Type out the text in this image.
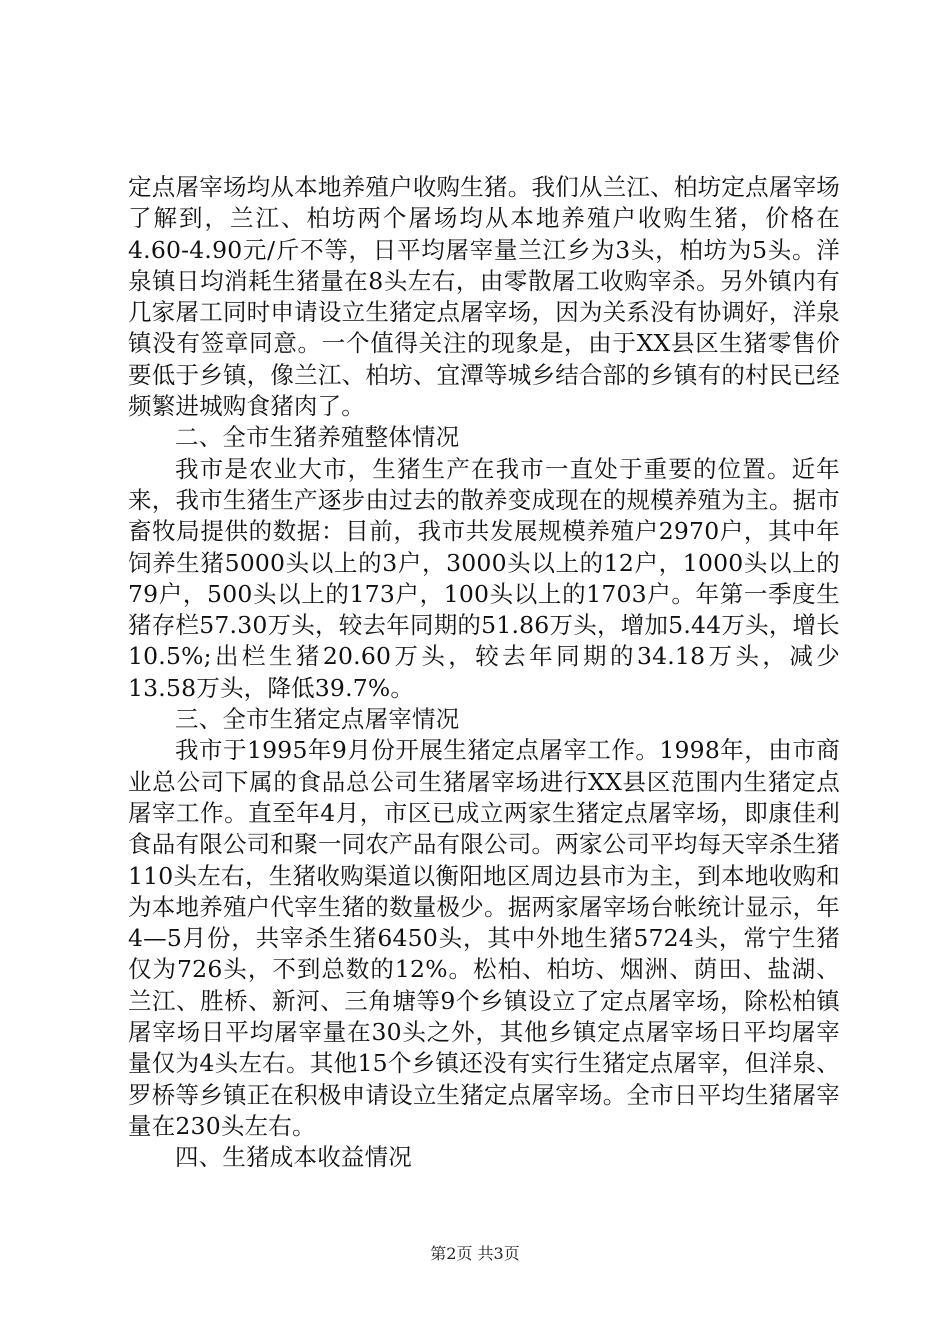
定点屠宰场均从本地养殖户收购生猪。我们从兰江、柏坊定点屠宰场了解到，兰江、柏坊两个屠场均从本地养殖户收购生猪，价格在4.60-4.90元/斤不等，日平均屠宰量兰江乡为3头，柏坊为5头。洋泉镇日均消耗生猪量在8头左右，由零散屠工收购宰杀。另外镇内有几家屠工同时申请设立生猪定点屠宰场，因为关系没有协调好，洋泉镇没有签章同意。一个值得关注的现象是，由于XX县区生猪零售价要低于乡镇，像兰江、柏坊、宜潭等城乡结合部的乡镇有的村民已经频繁进城购食猪肉了。

二、全市生猪养殖整体情况

我市是农业大市，生猪生产在我市一直处于重要的位置。近年来，我市生猪生产逐步由过去的散养变成现在的规模养殖为主。据市畜牧局提供的数据：目前，我市共发展规模养殖户2970户，其中年饲养生猪5000头以上的3户，3000头以上的12户，1000头以上的79户，500头以上的173户，100头以上的1703户。年第一季度生猪存栏57.30万头，较去年同期的51.86万头，增加5.44万头，增长10.5%;出栏生猪20.60万头，较去年同期的34.18万头，减少13.58万头，降低39.7%。

三、全市生猪定点屠宰情况

我市于1995年9月份开展生猪定点屠宰工作。1998年，由市商业总公司下属的食品总公司生猪屠宰场进行XX县区范围内生猪定点屠宰工作。直至年4月，市区已成立两家生猪定点屠宰场，即康佳利食品有限公司和聚一同农产品有限公司。两家公司平均每天宰杀生猪110头左右，生猪收购渠道以衡阳地区周边县市为主，到本地收购和为本地养殖户代宰生猪的数量极少。据两家屠宰场台帐统计显示，年4—5月份，共宰杀生猪6450头，其中外地生猪5724头，常宁生猪仅为726头，不到总数的12%。松柏、柏坊、烟洲、荫田、盐湖、兰江、胜桥、新河、三角塘等9个乡镇设立了定点屠宰场，除松柏镇屠宰场日平均屠宰量在30头之外，其他乡镇定点屠宰场日平均屠宰量仅为4头左右。其他15个乡镇还没有实行生猪定点屠宰，但洋泉、罗桥等乡镇正在积极申请设立生猪定点屠宰场。全市日平均生猪屠宰量在230头左右。

四、生猪成本收益情况

第2页 共3页
